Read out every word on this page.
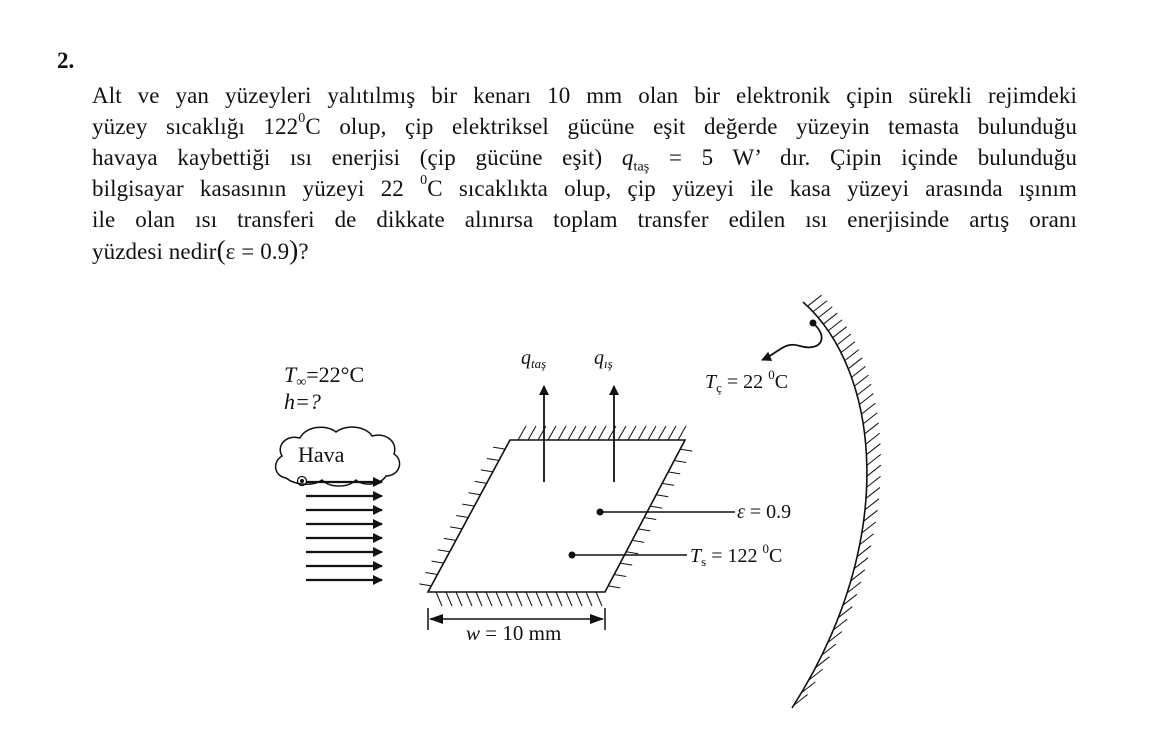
2.
Alt ve yan yüzeyleri yalıtılmış bir kenarı 10 mm olan bir elektronik çipin sürekli rejimdeki
yüzey sıcaklığı $122^0C$ olup, çip elektriksel gücüne eşit değerde yüzeyin temasta bulunduğu
havaya kaybettiği ısı enerjisi (çip gücüne eşit) $q_{taş} = 5$ W’ dır. Çipin içinde bulunduğu
bilgisayar kasasının yüzeyi 22 $^0$C sıcaklıkta olup, çip yüzeyi ile kasa yüzeyi arasında ışınım
ile olan ısı transferi de dikkate alınırsa toplam transfer edilen ısı enerjisinde artış oranı
yüzdesi nedir(ε = 0.9)?
T∞=22°C
h=?
Hava
$q_{taş}$ $q_{ış}$
ε = 0.9
$T_s = 122$ $^0$C
w = 10 mm
$T_ç = 22$ $^0$C
